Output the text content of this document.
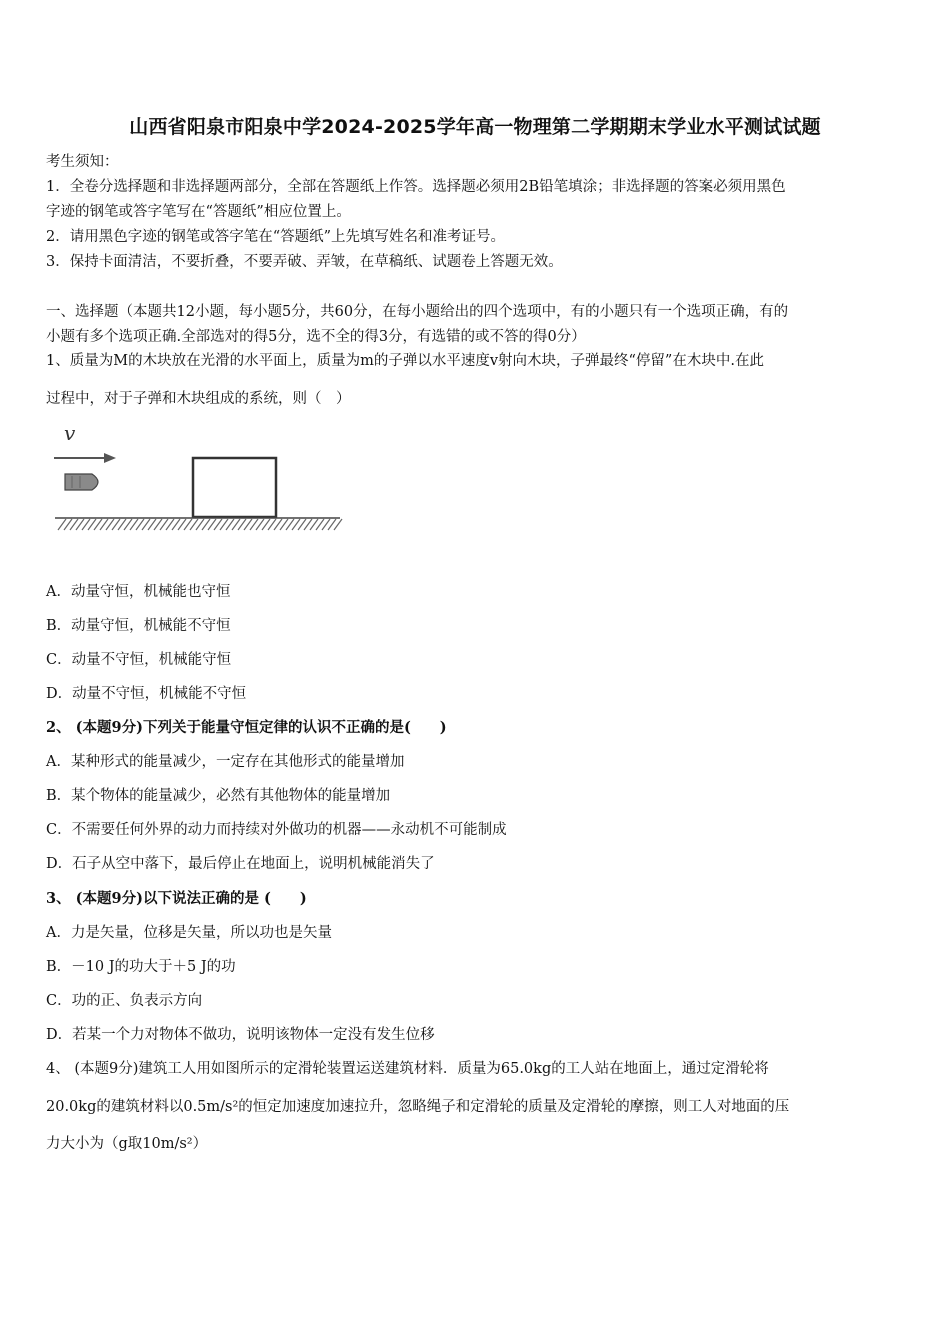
山西省阳泉市阳泉中学2024-2025学年高一物理第二学期期末学业水平测试试题
考生须知：
1．全卷分选择题和非选择题两部分，全部在答题纸上作答。选择题必须用2B铅笔填涂；非选择题的答案必须用黑色
字迹的钢笔或答字笔写在“答题纸”相应位置上。
2．请用黑色字迹的钢笔或答字笔在“答题纸”上先填写姓名和准考证号。
3．保持卡面清洁，不要折叠，不要弄破、弄皱，在草稿纸、试题卷上答题无效。
一、选择题（本题共12小题，每小题5分，共60分，在每小题给出的四个选项中，有的小题只有一个选项正确，有的
小题有多个选项正确.全部选对的得5分，选不全的得3分，有选错的或不答的得0分）
1、质量为M的木块放在光滑的水平面上，质量为m的子弹以水平速度v射向木块，子弹最终“停留”在木块中.在此
过程中，对于子弹和木块组成的系统，则（　）
v
A．动量守恒，机械能也守恒
B．动量守恒，机械能不守恒
C．动量不守恒，机械能守恒
D．动量不守恒，机械能不守恒
2、 (本题9分)下列关于能量守恒定律的认识不正确的是(　　)
A．某种形式的能量减少，一定存在其他形式的能量增加
B．某个物体的能量减少，必然有其他物体的能量增加
C．不需要任何外界的动力而持续对外做功的机器——永动机不可能制成
D．石子从空中落下，最后停止在地面上，说明机械能消失了
3、 (本题9分)以下说法正确的是 (　　)
A．力是矢量，位移是矢量，所以功也是矢量
B．－10 J的功大于＋5 J的功
C．功的正、负表示方向
D．若某一个力对物体不做功，说明该物体一定没有发生位移
4、 (本题9分)建筑工人用如图所示的定滑轮装置运送建筑材料．质量为65.0kg的工人站在地面上，通过定滑轮将
20.0kg的建筑材料以0.5m/s²的恒定加速度加速拉升，忽略绳子和定滑轮的质量及定滑轮的摩擦，则工人对地面的压
力大小为（g取10m/s²）
